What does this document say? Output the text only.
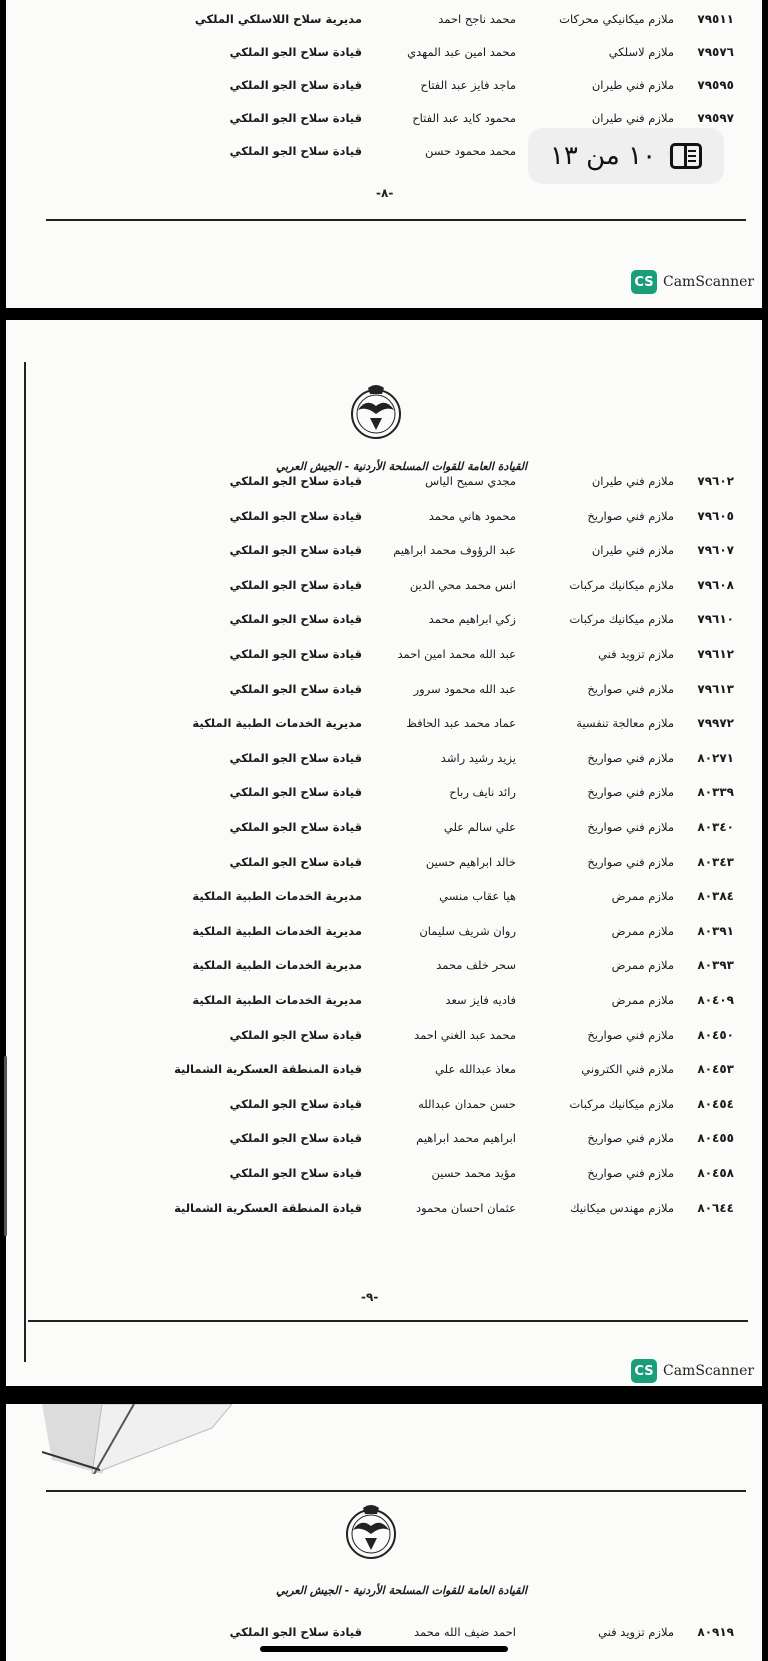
٧٩٥١١
ملازم ميكانيكي محركات
محمد ناجح احمد
مديرية سلاح اللاسلكي الملكي
٧٩٥٧٦
ملازم لاسلكي
محمد امين عبد المهدي
قيادة سلاح الجو الملكي
٧٩٥٩٥
ملازم فني طيران
ماجد فايز عبد الفتاح
قيادة سلاح الجو الملكي
٧٩٥٩٧
ملازم فني طيران
محمود كايد عبد الفتاح
قيادة سلاح الجو الملكي
محمد محمود حسن
قيادة سلاح الجو الملكي
-٨-
CS CamScanner
١٠ من ١٣
القيادة العامة للقوات المسلحة الأردنية - الجيش العربي
٧٩٦٠٢
ملازم فني طيران
مجدي سميح الياس
قيادة سلاح الجو الملكي
٧٩٦٠٥
ملازم فني صواريخ
محمود هاني محمد
قيادة سلاح الجو الملكي
٧٩٦٠٧
ملازم فني طيران
عبد الرؤوف محمد ابراهيم
قيادة سلاح الجو الملكي
٧٩٦٠٨
ملازم ميكانيك مركبات
انس محمد محي الدين
قيادة سلاح الجو الملكي
٧٩٦١٠
ملازم ميكانيك مركبات
زكي ابراهيم محمد
قيادة سلاح الجو الملكي
٧٩٦١٢
ملازم تزويد فني
عبد الله محمد امين احمد
قيادة سلاح الجو الملكي
٧٩٦١٣
ملازم فني صواريخ
عبد الله محمود سرور
قيادة سلاح الجو الملكي
٧٩٩٧٢
ملازم معالجة تنفسية
عماد محمد عبد الحافظ
مديرية الخدمات الطبية الملكية
٨٠٢٧١
ملازم فني صواريخ
يزيد رشيد راشد
قيادة سلاح الجو الملكي
٨٠٣٣٩
ملازم فني صواريخ
رائد نايف رباح
قيادة سلاح الجو الملكي
٨٠٣٤٠
ملازم فني صواريخ
علي سالم علي
قيادة سلاح الجو الملكي
٨٠٣٤٣
ملازم فني صواريخ
خالد ابراهيم حسين
قيادة سلاح الجو الملكي
٨٠٣٨٤
ملازم ممرض
هيا عقاب منسي
مديرية الخدمات الطبية الملكية
٨٠٣٩١
ملازم ممرض
روان شريف سليمان
مديرية الخدمات الطبية الملكية
٨٠٣٩٣
ملازم ممرض
سحر خلف محمد
مديرية الخدمات الطبية الملكية
٨٠٤٠٩
ملازم ممرض
فاديه فايز سعد
مديرية الخدمات الطبية الملكية
٨٠٤٥٠
ملازم فني صواريخ
محمد عبد الغني احمد
قيادة سلاح الجو الملكي
٨٠٤٥٣
ملازم فني الكتروني
معاذ عبدالله علي
قيادة المنطقة العسكرية الشمالية
٨٠٤٥٤
ملازم ميكانيك مركبات
حسن حمدان عبدالله
قيادة سلاح الجو الملكي
٨٠٤٥٥
ملازم فني صواريخ
ابراهيم محمد ابراهيم
قيادة سلاح الجو الملكي
٨٠٤٥٨
ملازم فني صواريخ
مؤيد محمد حسين
قيادة سلاح الجو الملكي
٨٠٦٤٤
ملازم مهندس ميكانيك
عثمان احسان محمود
قيادة المنطقة العسكرية الشمالية
-٩-
CS CamScanner
القيادة العامة للقوات المسلحة الأردنية - الجيش العربي
٨٠٩١٩
ملازم تزويد فني
احمد ضيف الله محمد
قيادة سلاح الجو الملكي
